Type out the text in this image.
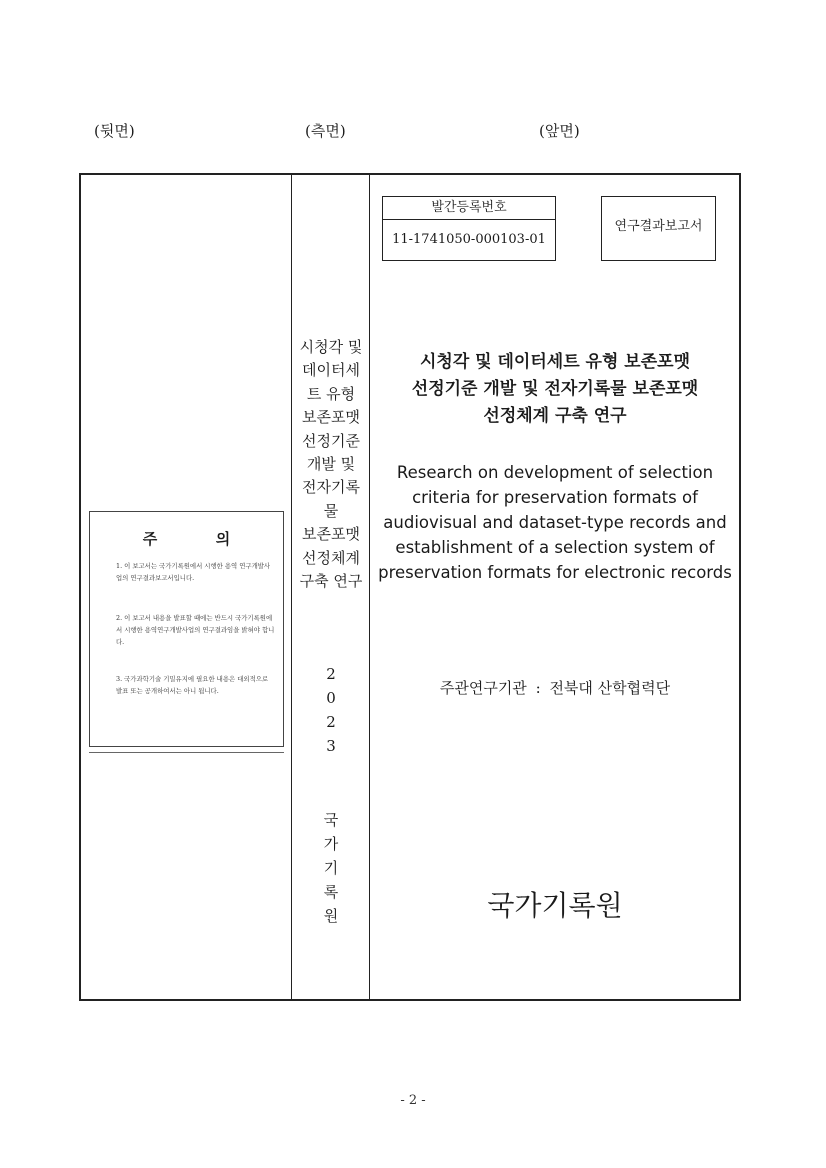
(뒷면)	(측면)	(앞면)
주	의
1. 이 보고서는 국가기록원에서 시행한 용역 연구개발사업의 연구결과보고서입니다.
2. 이 보고서 내용을 발표할 때에는 반드시 국가기록원에서 시행한 용역연구개발사업의 연구결과임을 밝혀야 합니다.
3. 국가과학기술 기밀유지에 필요한 내용은 대외적으로 발표 또는 공개하여서는 아니 됩니다.
시청각 및
데이터세
트 유형
보존포맷
선정기준
개발 및
전자기록
물
보존포맷
선정체계
구축 연구
2
0
2
3
국
가
기
록
원
발간등록번호
11-1741050-000103-01
연구결과보고서
시청각 및 데이터세트 유형 보존포맷
선정기준 개발 및 전자기록물 보존포맷
선정체계 구축 연구
Research on development of selection
criteria for preservation formats of
audiovisual and dataset-type records and
establishment of a selection system of
preservation formats for electronic records
주관연구기관 : 전북대 산학협력단
국가기록원
- 2 -
